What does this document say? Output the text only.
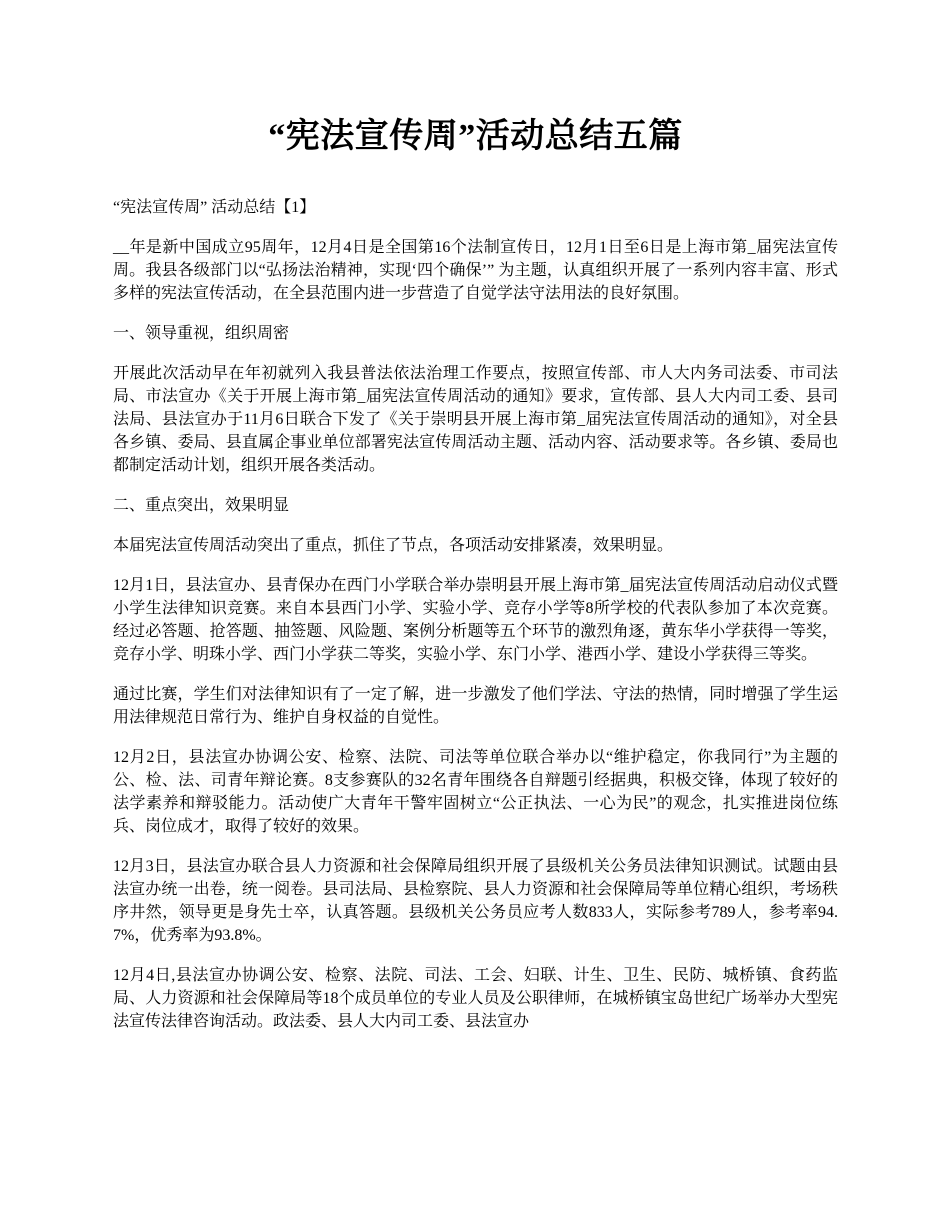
“宪法宣传周”活动总结五篇

“宪法宣传周” 活动总结【1】

__年是新中国成立95周年，12月4日是全国第16个法制宣传日，12月1日至6日是上海市第_届宪法宣传周。我县各级部门以“弘扬法治精神，实现‘四个确保’” 为主题，认真组织开展了一系列内容丰富、形式多样的宪法宣传活动，在全县范围内进一步营造了自觉学法守法用法的良好氛围。

一、领导重视，组织周密

开展此次活动早在年初就列入我县普法依法治理工作要点，按照宣传部、市人大内务司法委、市司法局、市法宣办《关于开展上海市第_届宪法宣传周活动的通知》要求，宣传部、县人大内司工委、县司法局、县法宣办于11月6日联合下发了《关于崇明县开展上海市第_届宪法宣传周活动的通知》，对全县各乡镇、委局、县直属企事业单位部署宪法宣传周活动主题、活动内容、活动要求等。各乡镇、委局也都制定活动计划，组织开展各类活动。

二、重点突出，效果明显

本届宪法宣传周活动突出了重点，抓住了节点，各项活动安排紧凑，效果明显。

12月1日，县法宣办、县青保办在西门小学联合举办崇明县开展上海市第_届宪法宣传周活动启动仪式暨小学生法律知识竞赛。来自本县西门小学、实验小学、竞存小学等8所学校的代表队参加了本次竞赛。经过必答题、抢答题、抽签题、风险题、案例分析题等五个环节的激烈角逐，黄东华小学获得一等奖，竞存小学、明珠小学、西门小学获二等奖，实验小学、东门小学、港西小学、建设小学获得三等奖。

通过比赛，学生们对法律知识有了一定了解，进一步激发了他们学法、守法的热情，同时增强了学生运用法律规范日常行为、维护自身权益的自觉性。

12月2日，县法宣办协调公安、检察、法院、司法等单位联合举办以“维护稳定，你我同行”为主题的公、检、法、司青年辩论赛。8支参赛队的32名青年围绕各自辩题引经据典，积极交锋，体现了较好的法学素养和辩驳能力。活动使广大青年干警牢固树立“公正执法、一心为民”的观念，扎实推进岗位练兵、岗位成才，取得了较好的效果。

12月3日，县法宣办联合县人力资源和社会保障局组织开展了县级机关公务员法律知识测试。试题由县法宣办统一出卷，统一阅卷。县司法局、县检察院、县人力资源和社会保障局等单位精心组织，考场秩序井然，领导更是身先士卒，认真答题。县级机关公务员应考人数833人，实际参考789人，参考率94.7%，优秀率为93.8%。

12月4日,县法宣办协调公安、检察、法院、司法、工会、妇联、计生、卫生、民防、城桥镇、食药监局、人力资源和社会保障局等18个成员单位的专业人员及公职律师，在城桥镇宝岛世纪广场举办大型宪法宣传法律咨询活动。政法委、县人大内司工委、县法宣办
